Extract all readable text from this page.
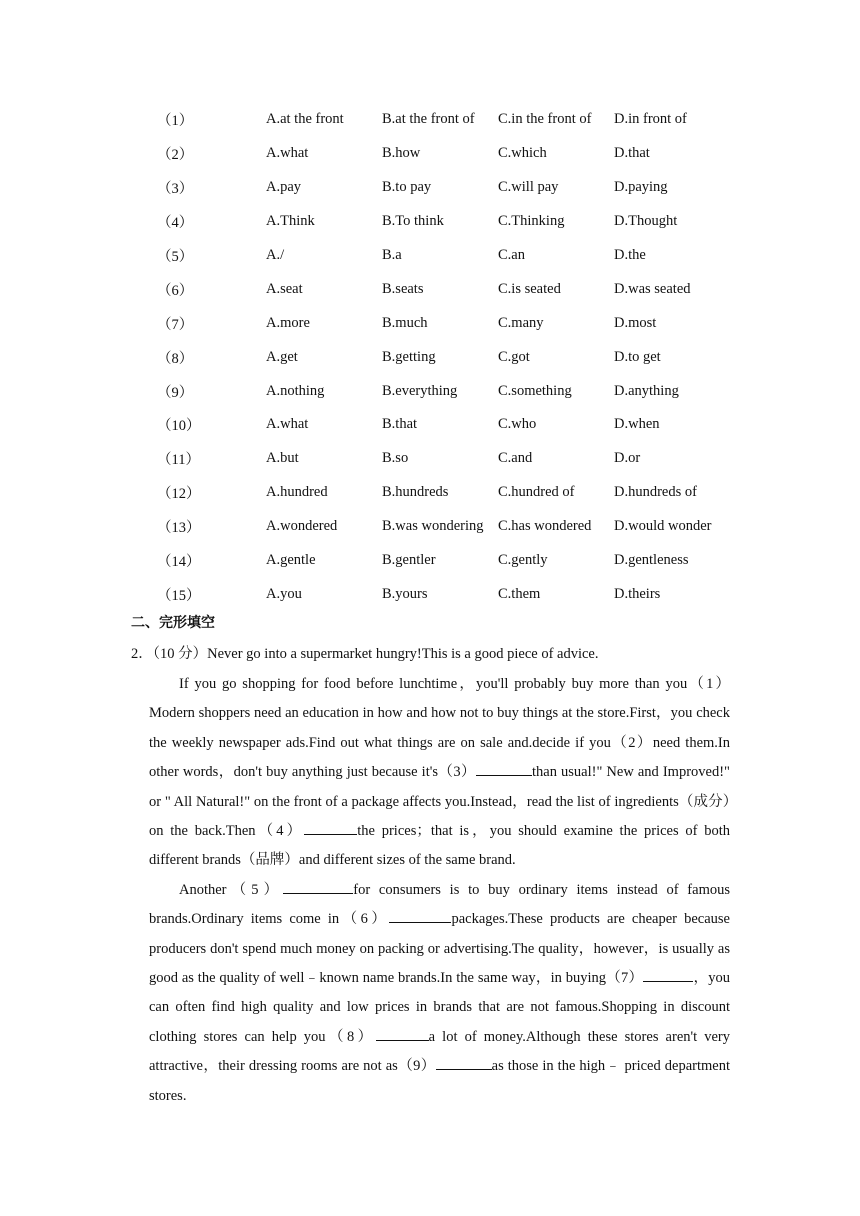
（1）	A.at the front	B.at the front of	C.in the front of	D.in front of
（2）	A.what	B.how	C.which	D.that
（3）	A.pay	B.to pay	C.will pay	D.paying
（4）	A.Think	B.To think	C.Thinking	D.Thought
（5）	A./	B.a	C.an	D.the
（6）	A.seat	B.seats	C.is seated	D.was seated
（7）	A.more	B.much	C.many	D.most
（8）	A.get	B.getting	C.got	D.to get
（9）	A.nothing	B.everything	C.something	D.anything
（10）	A.what	B.that	C.who	D.when
（11）	A.but	B.so	C.and	D.or
（12）	A.hundred	B.hundreds	C.hundred of	D.hundreds of
（13）	A.wondered	B.was wondering	C.has wondered	D.would wonder
（14）	A.gentle	B.gentler	C.gently	D.gentleness
（15）	A.you	B.yours	C.them	D.theirs
二、完形填空
2．（10 分）Never go into a supermarket hungry!This is a good piece of advice.

If you go shopping for food before lunchtime，you'll probably buy more than you（1）Modern shoppers need an education in how and how not to buy things at the store.First，you check the weekly newspaper ads.Find out what things are on sale and.decide if you（2）need them.In other words，don't buy anything just because it's（3）	than usual!" New and Improved!" or " All Natural!" on the front of a package affects you.Instead，read the list of ingredients（成分）on the back.Then（4）	the prices；that is，you should examine the prices of both different brands（品牌）and different sizes of the same brand.

Another（5）	for consumers is to buy ordinary items instead of famous brands.Ordinary items come in（6）	packages.These products are cheaper because producers don't spend much money on packing or advertising.The quality，however，is usually as good as the quality of well﹣known name brands.In the same way，in buying（7）	，you can often find high quality and low prices in brands that are not famous.Shopping in discount clothing stores can help you（8）	a lot of money.Although these stores aren't very attractive，their dressing rooms are not as（9）	as those in the high﹣ priced department stores.
